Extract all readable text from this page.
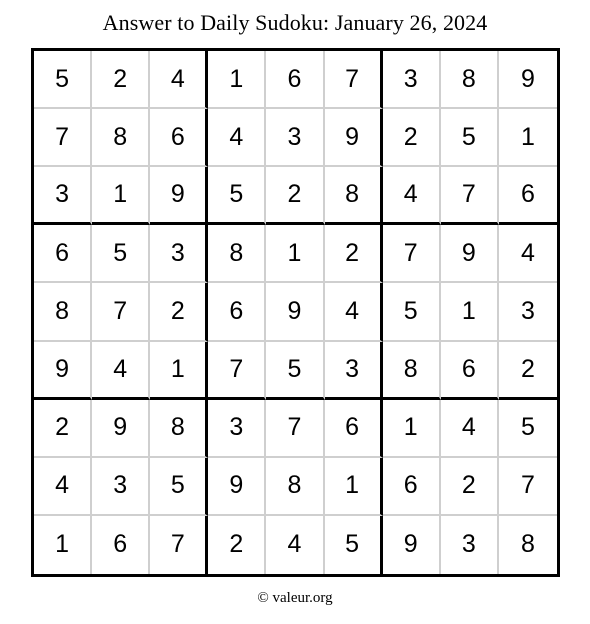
Answer to Daily Sudoku: January 26, 2024
5	2	4	1	6	7	3	8	9
7	8	6	4	3	9	2	5	1
3	1	9	5	2	8	4	7	6
6	5	3	8	1	2	7	9	4
8	7	2	6	9	4	5	1	3
9	4	1	7	5	3	8	6	2
2	9	8	3	7	6	1	4	5
4	3	5	9	8	1	6	2	7
1	6	7	2	4	5	9	3	8
© valeur.org
